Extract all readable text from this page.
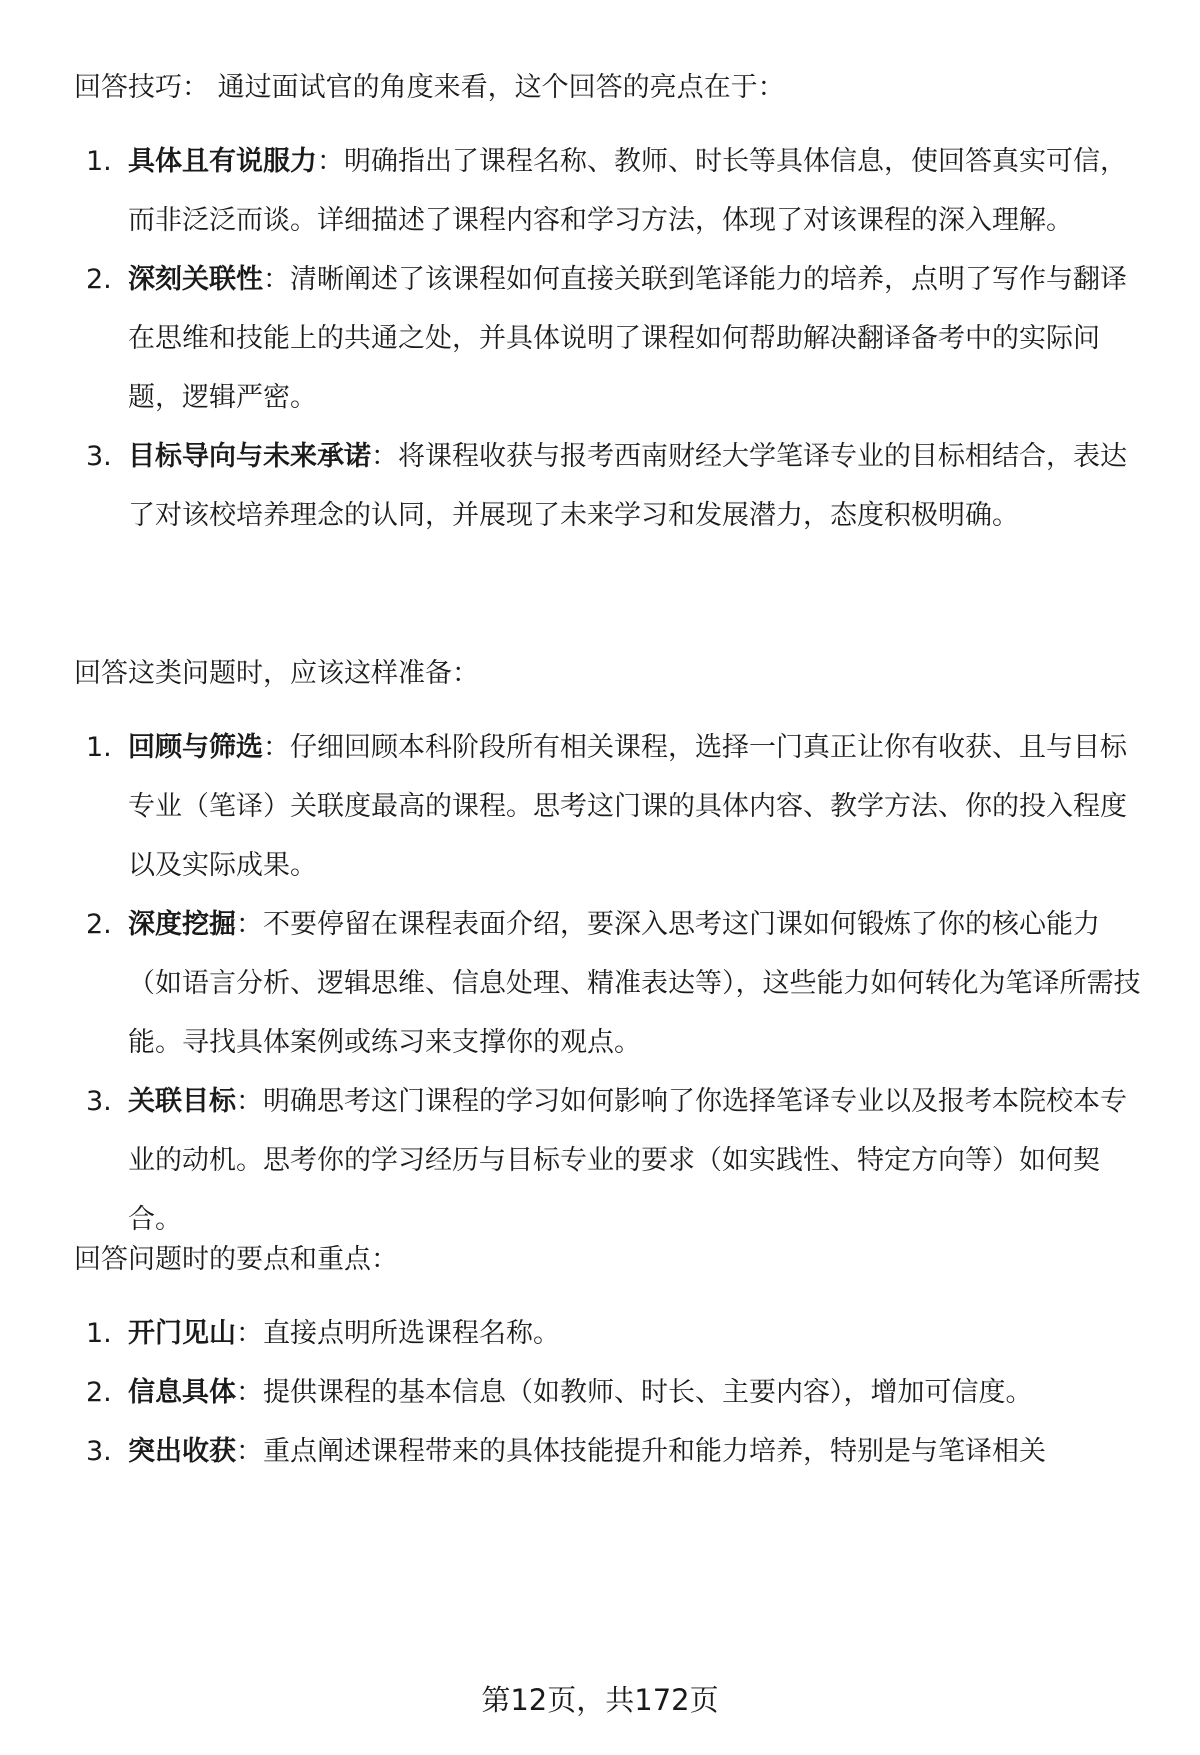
回答技巧： 通过面试官的角度来看，这个回答的亮点在于：

1. 具体且有说服力：明确指出了课程名称、教师、时长等具体信息，使回答真实可信，而非泛泛而谈。详细描述了课程内容和学习方法，体现了对该课程的深入理解。
2. 深刻关联性：清晰阐述了该课程如何直接关联到笔译能力的培养，点明了写作与翻译在思维和技能上的共通之处，并具体说明了课程如何帮助解决翻译备考中的实际问题，逻辑严密。
3. 目标导向与未来承诺：将课程收获与报考西南财经大学笔译专业的目标相结合，表达了对该校培养理念的认同，并展现了未来学习和发展潜力，态度积极明确。

回答这类问题时，应该这样准备：

1. 回顾与筛选：仔细回顾本科阶段所有相关课程，选择一门真正让你有收获、且与目标专业（笔译）关联度最高的课程。思考这门课的具体内容、教学方法、你的投入程度以及实际成果。
2. 深度挖掘：不要停留在课程表面介绍，要深入思考这门课如何锻炼了你的核心能力（如语言分析、逻辑思维、信息处理、精准表达等），这些能力如何转化为笔译所需技能。寻找具体案例或练习来支撑你的观点。
3. 关联目标：明确思考这门课程的学习如何影响了你选择笔译专业以及报考本院校本专业的动机。思考你的学习经历与目标专业的要求（如实践性、特定方向等）如何契合。

回答问题时的要点和重点：

1. 开门见山：直接点明所选课程名称。
2. 信息具体：提供课程的基本信息（如教师、时长、主要内容），增加可信度。
3. 突出收获：重点阐述课程带来的具体技能提升和能力培养，特别是与笔译相关

第12页，共172页
